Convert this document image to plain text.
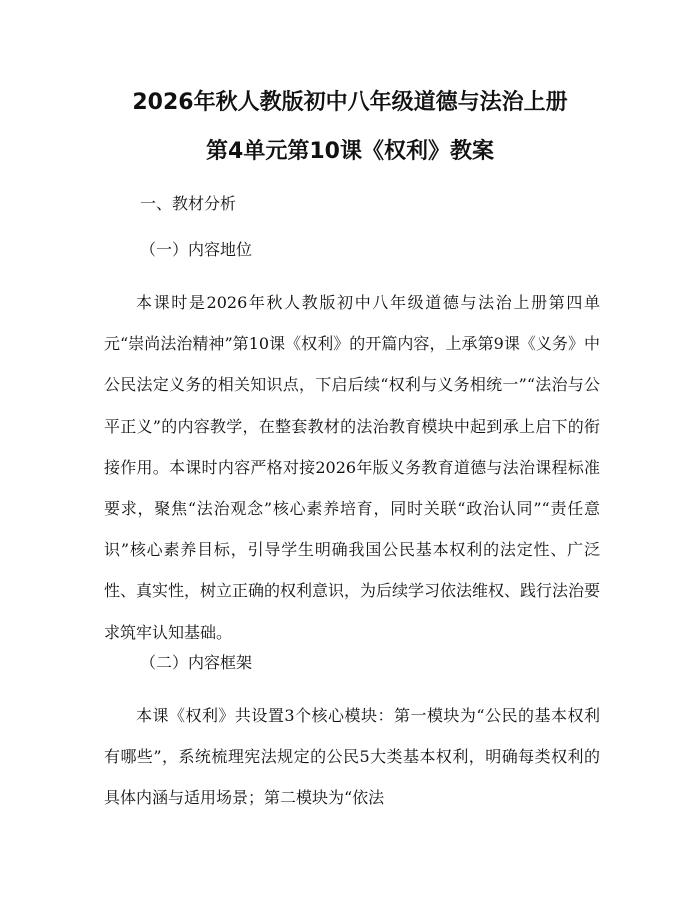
2026年秋人教版初中八年级道德与法治上册
第4单元第10课《权利》教案

一、教材分析

（一）内容地位

本课时是2026年秋人教版初中八年级道德与法治上册第四单元“崇尚法治精神”第10课《权利》的开篇内容，上承第9课《义务》中公民法定义务的相关知识点，下启后续“权利与义务相统一”“法治与公平正义”的内容教学，在整套教材的法治教育模块中起到承上启下的衔接作用。本课时内容严格对接2026年版义务教育道德与法治课程标准要求，聚焦“法治观念”核心素养培育，同时关联“政治认同”“责任意识”核心素养目标，引导学生明确我国公民基本权利的法定性、广泛性、真实性，树立正确的权利意识，为后续学习依法维权、践行法治要求筑牢认知基础。

（二）内容框架

本课《权利》共设置3个核心模块：第一模块为“公民的基本权利有哪些”，系统梳理宪法规定的公民5大类基本权利，明确每类权利的具体内涵与适用场景；第二模块为“依法
